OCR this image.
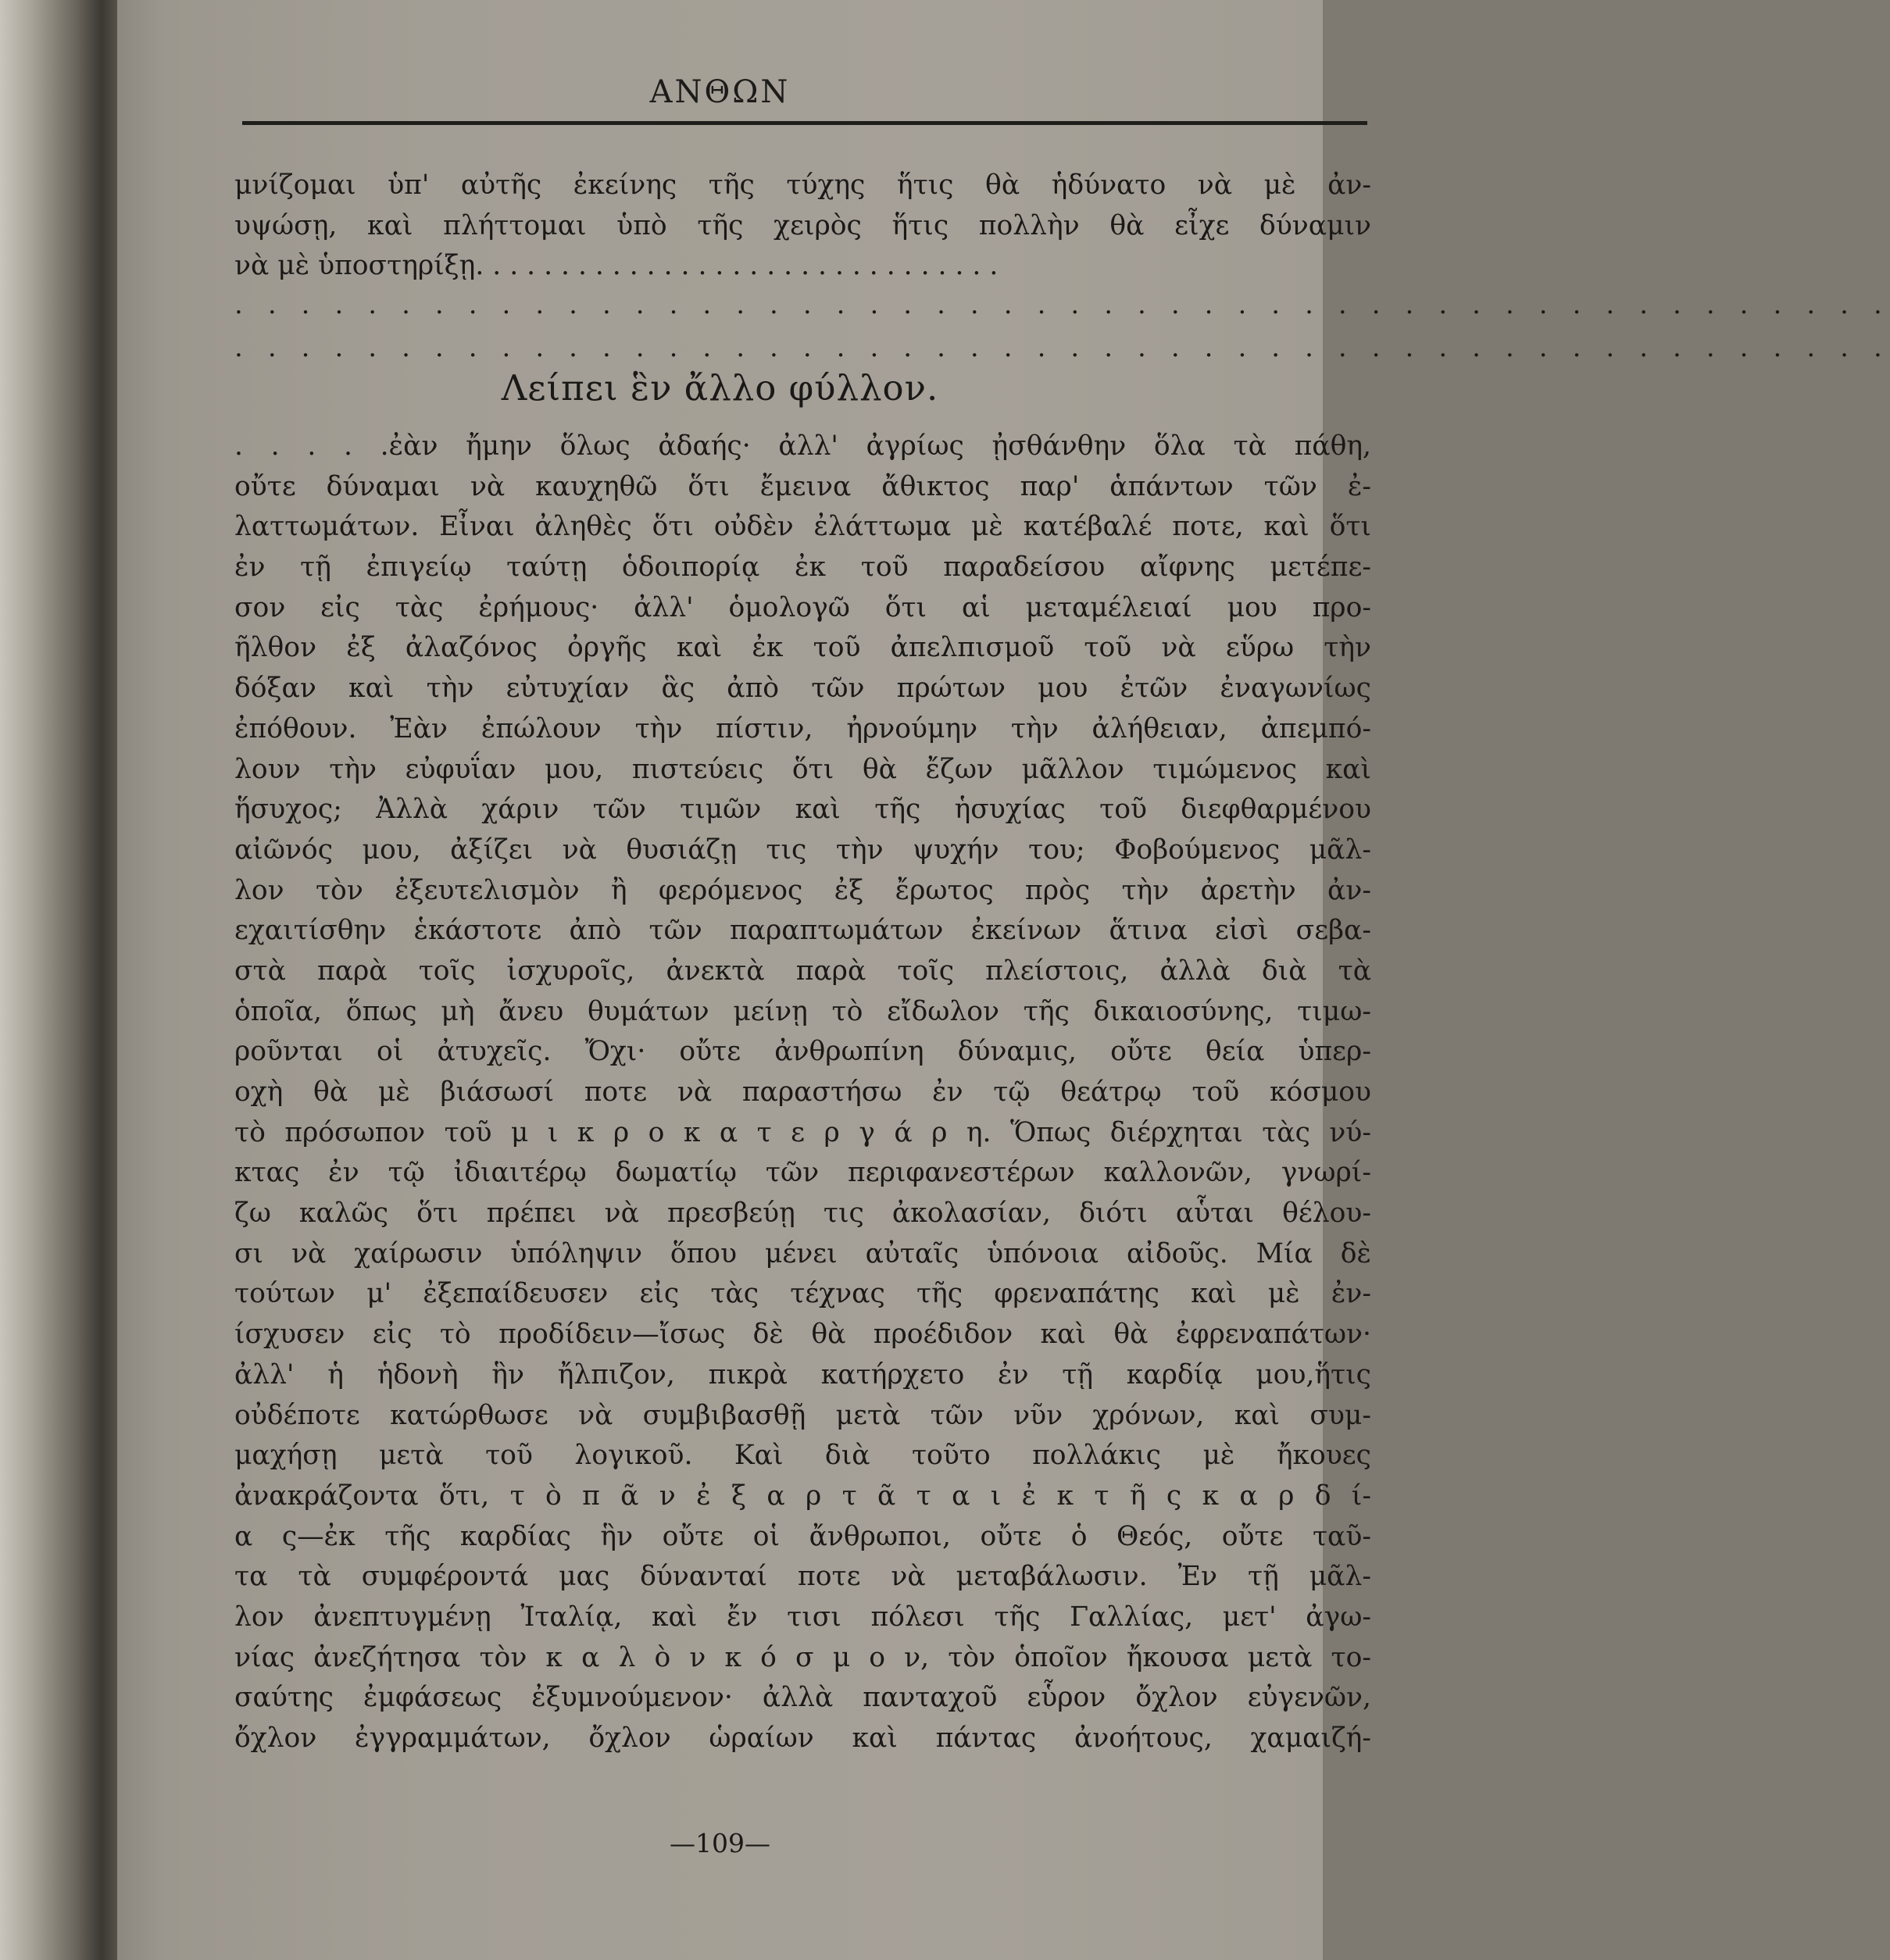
ΑΝΘΩΝ
μνίζομαι ὑπ' αὐτῆς ἐκείνης τῆς τύχης ἥτις θὰ ἡδύνατο νὰ μὲ ἀν-
υψώσῃ, καὶ πλήττομαι ὑπὸ τῆς χειρὸς ἥτις πολλὴν θὰ εἶχε δύναμιν
νὰ μὲ ὑποστηρίξῃ. . . . . . . . . . . . . . . . . . . . . . . . . . . . . . .
. . . . . . . . . . . . . . . . . . . . . . . . . . . . . . . . . . . . . . . . . . . . . . . . . .
. . . . . . . . . . . . . . . . . . . . . . . . . . . . . . . . . . . . . . . . . . . . . . . . . .
Λείπει ἓν ἄλλο φύλλον.
. . . . .ἐὰν ἤμην ὅλως ἀδαής· ἀλλ' ἀγρίως ᾐσθάνθην ὅλα τὰ πάθη,
οὔτε δύναμαι νὰ καυχηθῶ ὅτι ἔμεινα ἄθικτος παρ' ἁπάντων τῶν ἐ-
λαττωμάτων. Εἶναι ἀληθὲς ὅτι οὐδὲν ἐλάττωμα μὲ κατέβαλέ ποτε, καὶ ὅτι
ἐν τῇ ἐπιγείῳ ταύτῃ ὁδοιπορίᾳ ἐκ τοῦ παραδείσου αἴφνης μετέπε-
σον εἰς τὰς ἐρήμους· ἀλλ' ὁμολογῶ ὅτι αἱ μεταμέλειαί μου προ-
ῆλθον ἐξ ἀλαζόνος ὀργῆς καὶ ἐκ τοῦ ἀπελπισμοῦ τοῦ νὰ εὕρω τὴν
δόξαν καὶ τὴν εὐτυχίαν ἃς ἀπὸ τῶν πρώτων μου ἐτῶν ἐναγωνίως
ἐπόθουν. Ἐὰν ἐπώλουν τὴν πίστιν, ἠρνούμην τὴν ἀλήθειαν, ἀπεμπό-
λουν τὴν εὐφυΐαν μου, πιστεύεις ὅτι θὰ ἔζων μᾶλλον τιμώμενος καὶ
ἥσυχος; Ἀλλὰ χάριν τῶν τιμῶν καὶ τῆς ἡσυχίας τοῦ διεφθαρμένου
αἰῶνός μου, ἀξίζει νὰ θυσιάζῃ τις τὴν ψυχήν του; Φοβούμενος μᾶλ-
λον τὸν ἐξευτελισμὸν ἢ φερόμενος ἐξ ἔρωτος πρὸς τὴν ἀρετὴν ἀν-
εχαιτίσθην ἑκάστοτε ἀπὸ τῶν παραπτωμάτων ἐκείνων ἅτινα εἰσὶ σεβα-
στὰ παρὰ τοῖς ἰσχυροῖς, ἀνεκτὰ παρὰ τοῖς πλείστοις, ἀλλὰ διὰ τὰ
ὁποῖα, ὅπως μὴ ἄνευ θυμάτων μείνῃ τὸ εἴδωλον τῆς δικαιοσύνης, τιμω-
ροῦνται οἱ ἀτυχεῖς. Ὄχι· οὔτε ἀνθρωπίνη δύναμις, οὔτε θεία ὑπερ-
οχὴ θὰ μὲ βιάσωσί ποτε νὰ παραστήσω ἐν τῷ θεάτρῳ τοῦ κόσμου
τὸ πρόσωπον τοῦ μ ι κ ρ ο κ α τ ε ρ γ ά ρ η. Ὅπως διέρχηται τὰς νύ-
κτας ἐν τῷ ἰδιαιτέρῳ δωματίῳ τῶν περιφανεστέρων καλλονῶν, γνωρί-
ζω καλῶς ὅτι πρέπει νὰ πρεσβεύῃ τις ἀκολασίαν, διότι αὗται θέλου-
σι νὰ χαίρωσιν ὑπόληψιν ὅπου μένει αὐταῖς ὑπόνοια αἰδοῦς. Μία δὲ
τούτων μ' ἐξεπαίδευσεν εἰς τὰς τέχνας τῆς φρεναπάτης καὶ μὲ ἐν-
ίσχυσεν εἰς τὸ προδίδειν—ἴσως δὲ θὰ προέδιδον καὶ θὰ ἐφρεναπάτων·
ἀλλ' ἡ ἡδονὴ ἣν ἤλπιζον, πικρὰ κατήρχετο ἐν τῇ καρδίᾳ μου,ἥτις
οὐδέποτε κατώρθωσε νὰ συμβιβασθῇ μετὰ τῶν νῦν χρόνων, καὶ συμ-
μαχήσῃ μετὰ τοῦ λογικοῦ. Καὶ διὰ τοῦτο πολλάκις μὲ ἤκουες
ἀνακράζοντα ὅτι, τ ὸ π ᾶ ν ἐ ξ α ρ τ ᾶ τ α ι ἐ κ τ ῆ ς κ α ρ δ ί-
α ς—ἐκ τῆς καρδίας ἣν οὔτε οἱ ἄνθρωποι, οὔτε ὁ Θεός, οὔτε ταῦ-
τα τὰ συμφέροντά μας δύνανταί ποτε νὰ μεταβάλωσιν. Ἐν τῇ μᾶλ-
λον ἀνεπτυγμένῃ Ἰταλίᾳ, καὶ ἔν τισι πόλεσι τῆς Γαλλίας, μετ' ἀγω-
νίας ἀνεζήτησα τὸν κ α λ ὸ ν κ ό σ μ ο ν, τὸν ὁποῖον ἤκουσα μετὰ το-
σαύτης ἐμφάσεως ἐξυμνούμενον· ἀλλὰ πανταχοῦ εὗρον ὄχλον εὐγενῶν,
ὄχλον ἐγγραμμάτων, ὄχλον ὡραίων καὶ πάντας ἀνοήτους, χαμαιζή-
—109—
